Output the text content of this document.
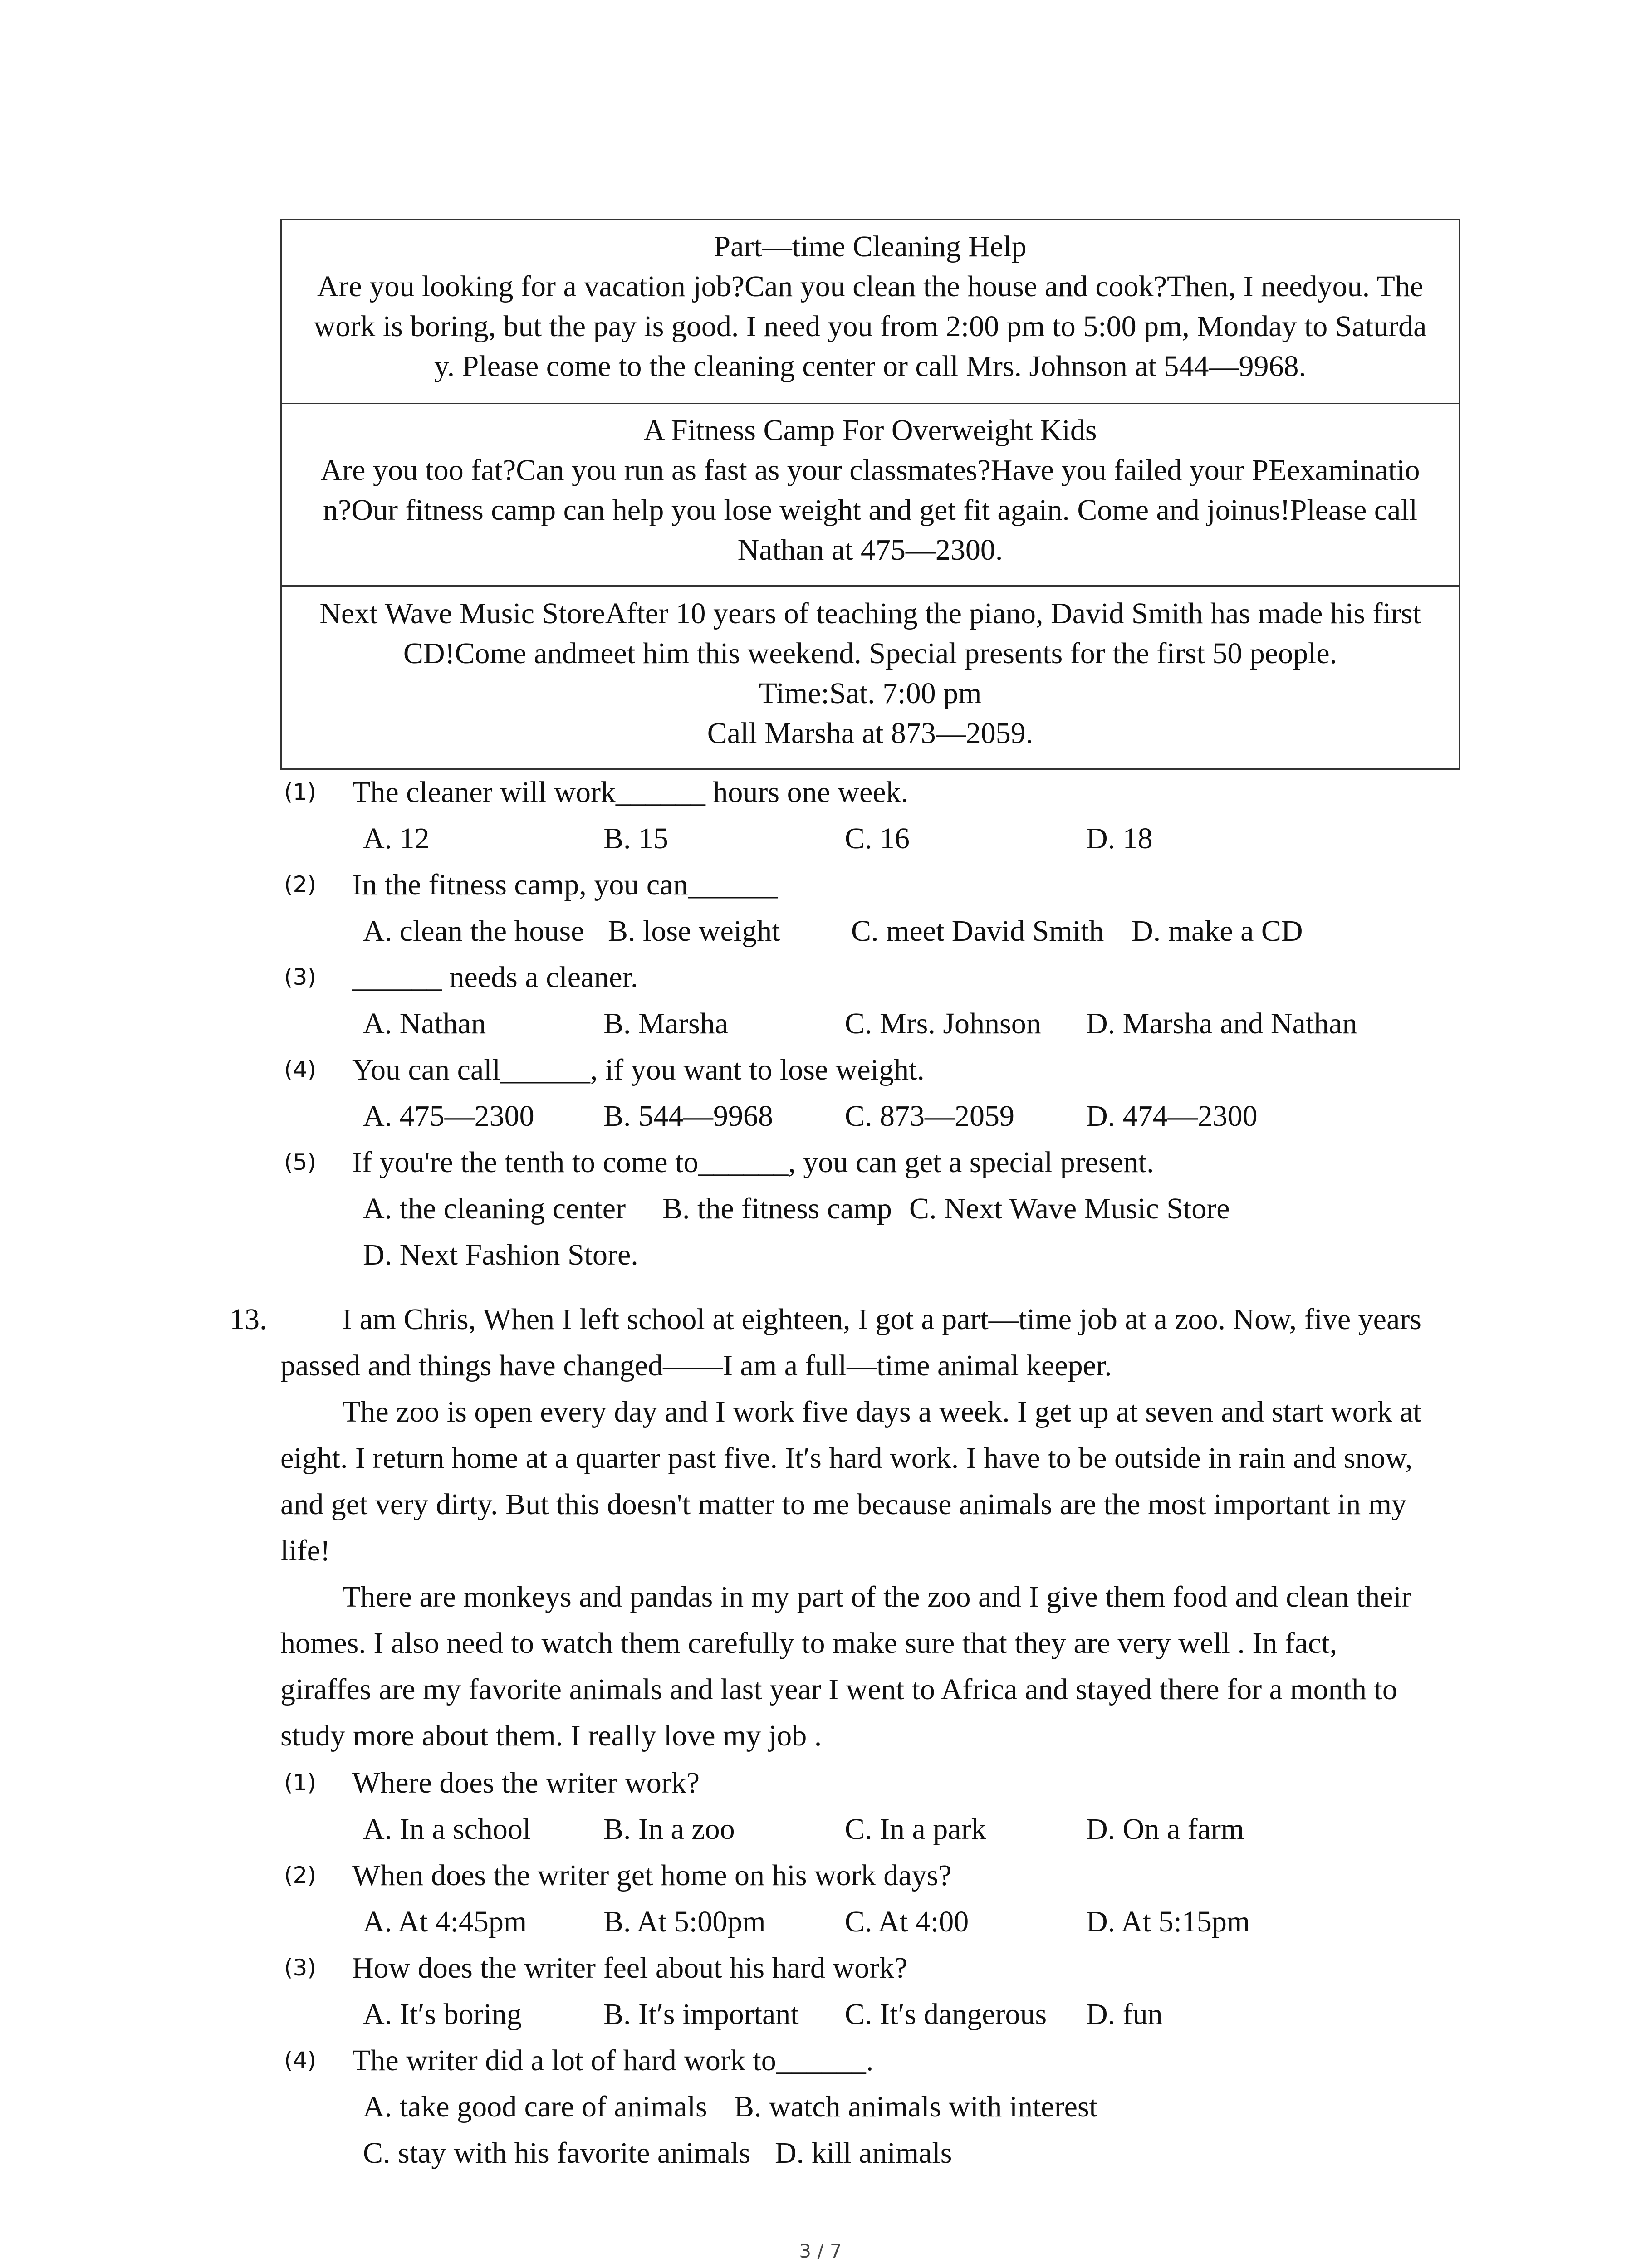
Part—time Cleaning Help
Are you looking for a vacation job?Can you clean the house and cook?Then, I needyou. The
work is boring, but the pay is good. I need you from 2:00 pm to 5:00 pm, Monday to Saturda
y. Please come to the cleaning center or call Mrs. Johnson at 544—9968.
A Fitness Camp For Overweight Kids
Are you too fat?Can you run as fast as your classmates?Have you failed your PEexaminatio
n?Our fitness camp can help you lose weight and get fit again. Come and joinus!Please call
Nathan at 475—2300.
Next Wave Music StoreAfter 10 years of teaching the piano, David Smith has made his first
CD!Come andmeet him this weekend. Special presents for the first 50 people.
Time:Sat. 7:00 pm
Call Marsha at 873—2059.
(1) The cleaner will work______ hours one week.
A. 12	B. 15	C. 16	D. 18
(2) In the fitness camp, you can______
A. clean the house B. lose weight C. meet David Smith D. make a CD
(3) ______ needs a cleaner.
A. Nathan	B. Marsha	C. Mrs. Johnson D. Marsha and Nathan
(4) You can call______, if you want to lose weight.
A. 475—2300 B. 544—9968 C. 873—2059 D. 474—2300
(5) If you're the tenth to come to______, you can get a special present.
A. the cleaning center B. the fitness camp C. Next Wave Music Store
D. Next Fashion Store.
13.	I am Chris, When I left school at eighteen, I got a part—time job at a zoo. Now, five years
passed and things have changed——I am a full—time animal keeper.
The zoo is open every day and I work five days a week. I get up at seven and start work at
eight. I return home at a quarter past five. It′s hard work. I have to be outside in rain and snow,
and get very dirty. But this doesn't matter to me because animals are the most important in my
life!
There are monkeys and pandas in my part of the zoo and I give them food and clean their
homes. I also need to watch them carefully to make sure that they are very well . In fact,
giraffes are my favorite animals and last year I went to Africa and stayed there for a month to
study more about them. I really love my job .
(1) Where does the writer work?
A. In a school B. In a zoo	C. In a park	D. On a farm
(2) When does the writer get home on his work days?
A. At 4:45pm	B. At 5:00pm	C. At 4:00	D. At 5:15pm
(3) How does the writer feel about his hard work?
A. It′s boring	B. It′s important C. It′s dangerous D. fun
(4) The writer did a lot of hard work to______.
A. take good care of animals B. watch animals with interest
C. stay with his favorite animals D. kill animals
3 / 7
